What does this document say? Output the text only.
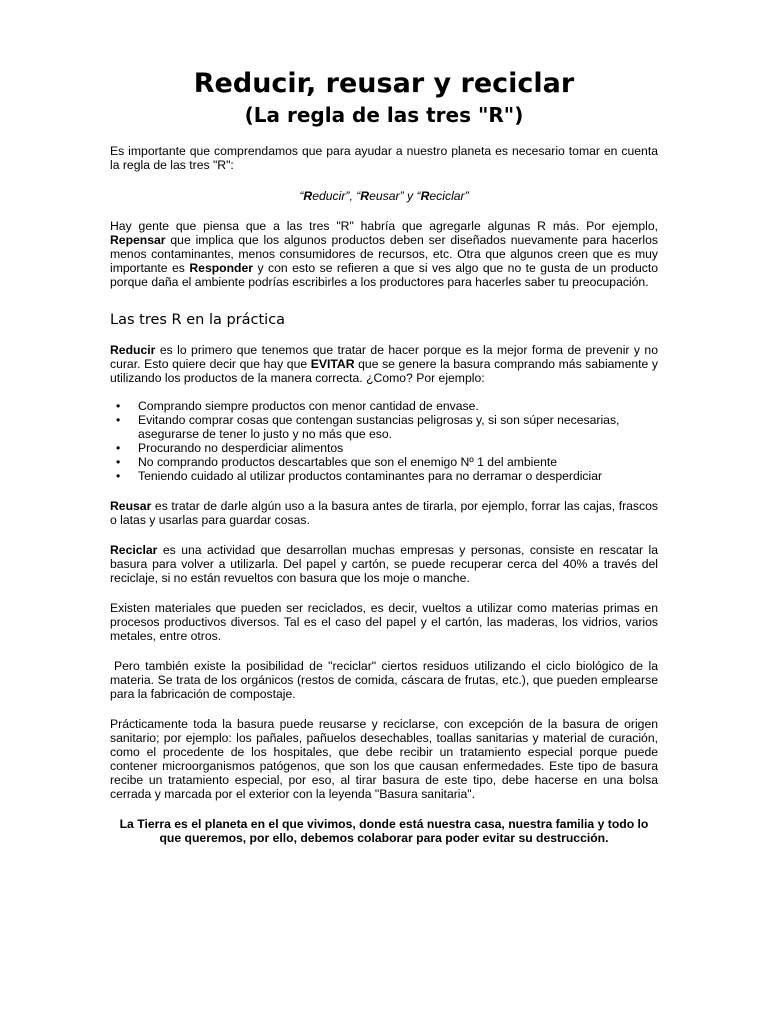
Reducir, reusar y reciclar
(La regla de las tres "R")

Es importante que comprendamos que para ayudar a nuestro planeta es necesario tomar en cuenta la regla de las tres "R":

“Reducir”, “Reusar” y “Reciclar”

Hay gente que piensa que a las tres "R" habría que agregarle algunas R más. Por ejemplo, Repensar que implica que los algunos productos deben ser diseñados nuevamente para hacerlos menos contaminantes, menos consumidores de recursos, etc. Otra que algunos creen que es muy importante es Responder y con esto se refieren a que si ves algo que no te gusta de un producto porque daña el ambiente podrías escribirles a los productores para hacerles saber tu preocupación.

Las tres R en la práctica

Reducir es lo primero que tenemos que tratar de hacer porque es la mejor forma de prevenir y no curar. Esto quiere decir que hay que EVITAR que se genere la basura comprando más sabiamente y utilizando los productos de la manera correcta. ¿Como? Por ejemplo:

• Comprando siempre productos con menor cantidad de envase.
• Evitando comprar cosas que contengan sustancias peligrosas y, si son súper necesarias, asegurarse de tener lo justo y no más que eso.
• Procurando no desperdiciar alimentos
• No comprando productos descartables que son el enemigo Nº 1 del ambiente
• Teniendo cuidado al utilizar productos contaminantes para no derramar o desperdiciar

Reusar es tratar de darle algún uso a la basura antes de tirarla, por ejemplo, forrar las cajas, frascos o latas y usarlas para guardar cosas.

Reciclar es una actividad que desarrollan muchas empresas y personas, consiste en rescatar la basura para volver a utilizarla. Del papel y cartón, se puede recuperar cerca del 40% a través del reciclaje, si no están revueltos con basura que los moje o manche.

Existen materiales que pueden ser reciclados, es decir, vueltos a utilizar como materias primas en procesos productivos diversos. Tal es el caso del papel y el cartón, las maderas, los vidrios, varios metales, entre otros.

Pero también existe la posibilidad de "reciclar" ciertos residuos utilizando el ciclo biológico de la materia. Se trata de los orgánicos (restos de comida, cáscara de frutas, etc.), que pueden emplearse para la fabricación de compostaje.

Prácticamente toda la basura puede reusarse y reciclarse, con excepción de la basura de origen sanitario; por ejemplo: los pañales, pañuelos desechables, toallas sanitarias y material de curación, como el procedente de los hospitales, que debe recibir un tratamiento especial porque puede contener microorganismos patógenos, que son los que causan enfermedades. Este tipo de basura recibe un tratamiento especial, por eso, al tirar basura de este tipo, debe hacerse en una bolsa cerrada y marcada por el exterior con la leyenda "Basura sanitaria".

La Tierra es el planeta en el que vivimos, donde está nuestra casa, nuestra familia y todo lo que queremos, por ello, debemos colaborar para poder evitar su destrucción.
